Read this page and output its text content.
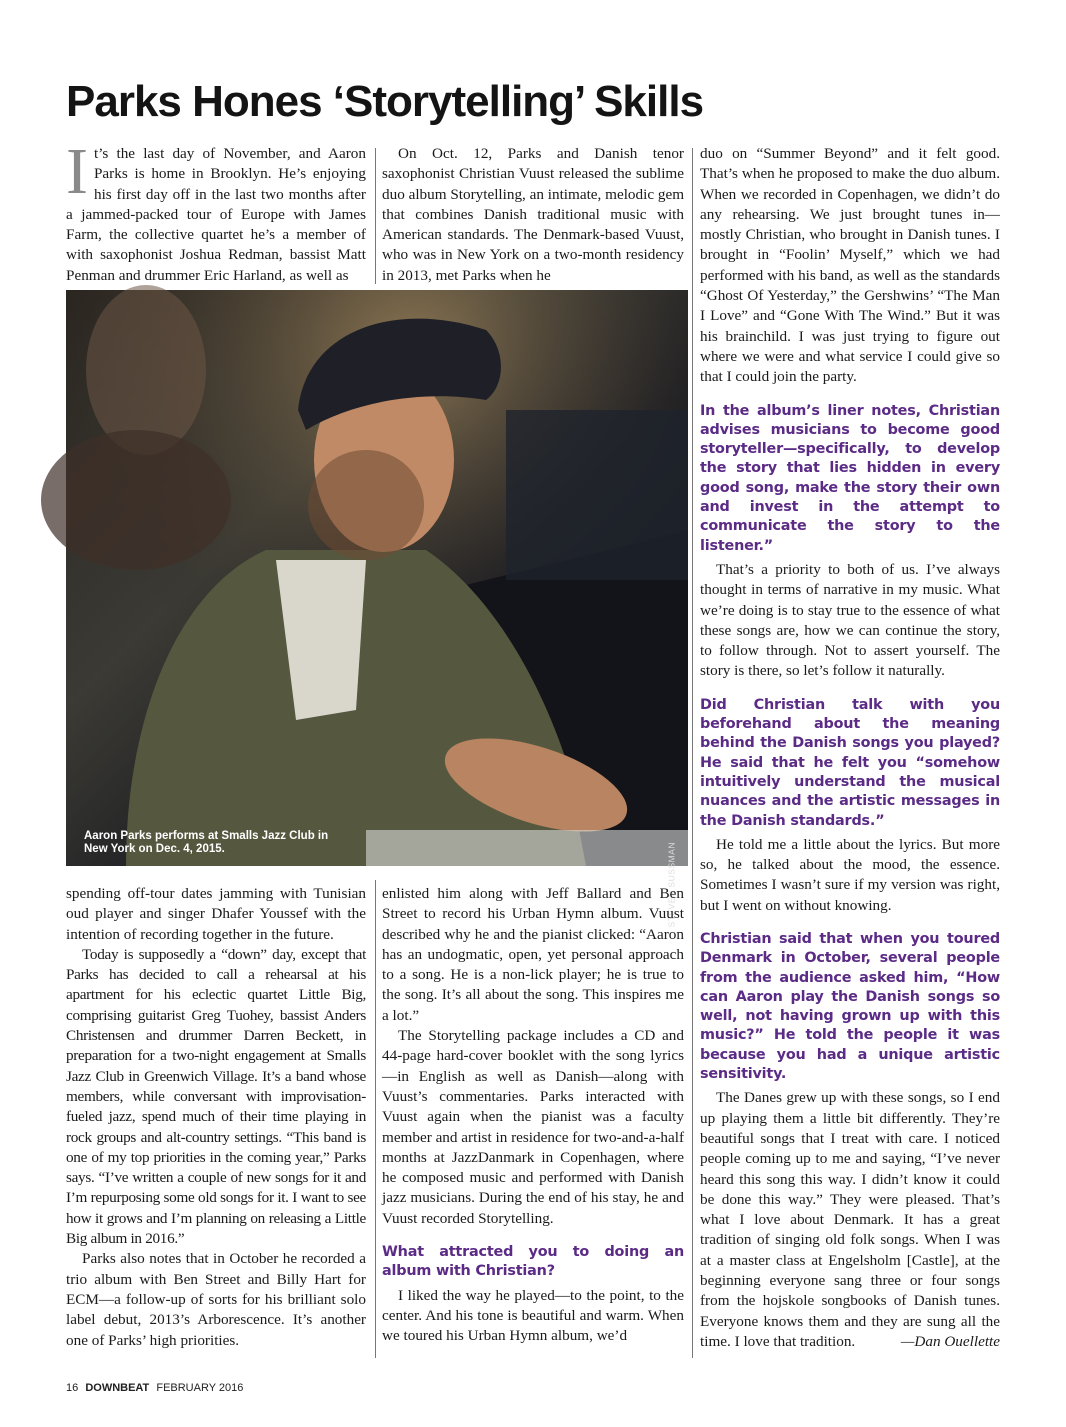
Parks Hones ‘Storytelling’ Skills

It’s the last day of November, and Aaron Parks is home in Brooklyn. He’s enjoying his first day off in the last two months after a jammed-packed tour of Europe with James Farm, the collective quartet he’s a member of with saxophonist Joshua Redman, bassist Matt Penman and drummer Eric Harland, as well as

On Oct. 12, Parks and Danish tenor saxophonist Christian Vuust released the sublime duo album Storytelling, an intimate, melodic gem that combines Danish traditional music with American standards. The Denmark-based Vuust, who was in New York on a two-month residency in 2013, met Parks when he

Aaron Parks performs at Smalls Jazz Club in New York on Dec. 4, 2015.	STEVEN SUSSMAN

spending off-tour dates jamming with Tunisian oud player and singer Dhafer Youssef with the intention of recording together in the future.

Today is supposedly a “down” day, except that Parks has decided to call a rehearsal at his apartment for his eclectic quartet Little Big, comprising guitarist Greg Tuohey, bassist Anders Christensen and drummer Darren Beckett, in preparation for a two-night engagement at Smalls Jazz Club in Greenwich Village. It’s a band whose members, while conversant with improvisation-fueled jazz, spend much of their time playing in rock groups and alt-country settings. “This band is one of my top priorities in the coming year,” Parks says. “I’ve written a couple of new songs for it and I’m repurposing some old songs for it. I want to see how it grows and I’m planning on releasing a Little Big album in 2016.”

Parks also notes that in October he recorded a trio album with Ben Street and Billy Hart for ECM—a follow-up of sorts for his brilliant solo label debut, 2013’s Arborescence. It’s another one of Parks’ high priorities.

enlisted him along with Jeff Ballard and Ben Street to record his Urban Hymn album. Vuust described why he and the pianist clicked: “Aaron has an undogmatic, open, yet personal approach to a song. He is a non-lick player; he is true to the song. It’s all about the song. This inspires me a lot.”

The Storytelling package includes a CD and 44-page hard-cover booklet with the song lyrics—in English as well as Danish—along with Vuust’s commentaries. Parks interacted with Vuust again when the pianist was a faculty member and artist in residence for two-and-a-half months at JazzDanmark in Copenhagen, where he composed music and performed with Danish jazz musicians. During the end of his stay, he and Vuust recorded Storytelling.

What attracted you to doing an album with Christian?

I liked the way he played—to the point, to the center. And his tone is beautiful and warm. When we toured his Urban Hymn album, we’d

duo on “Summer Beyond” and it felt good. That’s when he proposed to make the duo album. When we recorded in Copenhagen, we didn’t do any rehearsing. We just brought tunes in—mostly Christian, who brought in Danish tunes. I brought in “Foolin’ Myself,” which we had performed with his band, as well as the standards “Ghost Of Yesterday,” the Gershwins’ “The Man I Love” and “Gone With The Wind.” But it was his brainchild. I was just trying to figure out where we were and what service I could give so that I could join the party.

In the album’s liner notes, Christian advises musicians to become good storyteller—specifically, to develop the story that lies hidden in every good song, make the story their own and invest in the attempt to communicate the story to the listener.”

That’s a priority to both of us. I’ve always thought in terms of narrative in my music. What we’re doing is to stay true to the essence of what these songs are, how we can continue the story, to follow through. Not to assert yourself. The story is there, so let’s follow it naturally.

Did Christian talk with you beforehand about the meaning behind the Danish songs you played? He said that he felt you “somehow intuitively understand the musical nuances and the artistic messages in the Danish standards.”

He told me a little about the lyrics. But more so, he talked about the mood, the essence. Sometimes I wasn’t sure if my version was right, but I went on without knowing.

Christian said that when you toured Denmark in October, several people from the audience asked him, “How can Aaron play the Danish songs so well, not having grown up with this music?” He told the people it was because you had a unique artistic sensitivity.

The Danes grew up with these songs, so I end up playing them a little bit differently. They’re beautiful songs that I treat with care. I noticed people coming up to me and saying, “I’ve never heard this song this way. I didn’t know it could be done this way.” They were pleased. That’s what I love about Denmark. It has a great tradition of singing old folk songs. When I was at a master class at Engelsholm [Castle], at the beginning everyone sang three or four songs from the hojskole songbooks of Danish tunes. Everyone knows them and they are sung all the time. I love that tradition.	—Dan Ouellette

16 DOWNBEAT FEBRUARY 2016
